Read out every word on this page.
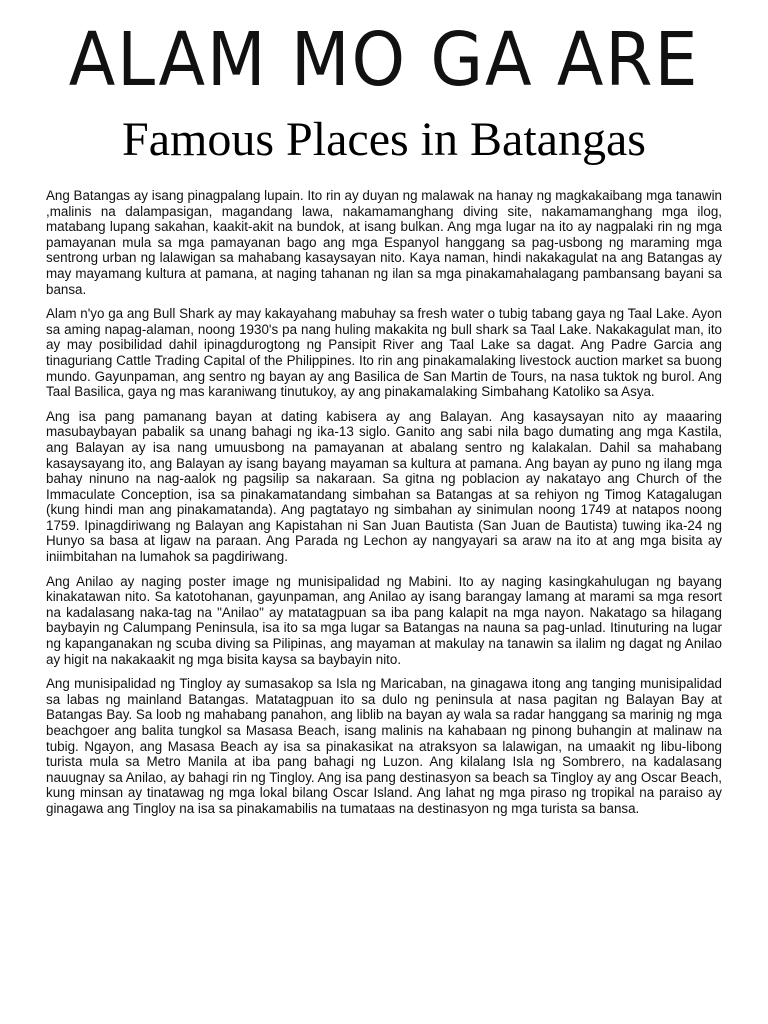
ALAM MO GA ARE
Famous Places in Batangas

Ang Batangas ay isang pinagpalang lupain. Ito rin ay duyan ng malawak na hanay ng magkakaibang mga tanawin ,malinis na dalampasigan, magandang lawa, nakamamanghang diving site, nakamamanghang mga ilog, matabang lupang sakahan, kaakit-akit na bundok, at isang bulkan. Ang mga lugar na ito ay nagpalaki rin ng mga pamayanan mula sa mga pamayanan bago ang mga Espanyol hanggang sa pag-usbong ng maraming mga sentrong urban ng lalawigan sa mahabang kasaysayan nito. Kaya naman, hindi nakakagulat na ang Batangas ay may mayamang kultura at pamana, at naging tahanan ng ilan sa mga pinakamahalagang pambansang bayani sa bansa.

Alam n'yo ga ang Bull Shark ay may kakayahang mabuhay sa fresh water o tubig tabang gaya ng Taal Lake. Ayon sa aming napag-alaman, noong 1930's pa nang huling makakita ng bull shark sa Taal Lake. Nakakagulat man, ito ay may posibilidad dahil ipinagdurogtong ng Pansipit River ang Taal Lake sa dagat. Ang Padre Garcia ang tinaguriang Cattle Trading Capital of the Philippines. Ito rin ang pinakamalaking livestock auction market sa buong mundo. Gayunpaman, ang sentro ng bayan ay ang Basilica de San Martin de Tours, na nasa tuktok ng burol. Ang Taal Basilica, gaya ng mas karaniwang tinutukoy, ay ang pinakamalaking Simbahang Katoliko sa Asya.

Ang isa pang pamanang bayan at dating kabisera ay ang Balayan. Ang kasaysayan nito ay maaaring masubaybayan pabalik sa unang bahagi ng ika-13 siglo. Ganito ang sabi nila bago dumating ang mga Kastila, ang Balayan ay isa nang umuusbong na pamayanan at abalang sentro ng kalakalan. Dahil sa mahabang kasaysayang ito, ang Balayan ay isang bayang mayaman sa kultura at pamana. Ang bayan ay puno ng ilang mga bahay ninuno na nag-aalok ng pagsilip sa nakaraan. Sa gitna ng poblacion ay nakatayo ang Church of the Immaculate Conception, isa sa pinakamatandang simbahan sa Batangas at sa rehiyon ng Timog Katagalugan (kung hindi man ang pinakamatanda). Ang pagtatayo ng simbahan ay sinimulan noong 1749 at natapos noong 1759. Ipinagdiriwang ng Balayan ang Kapistahan ni San Juan Bautista (San Juan de Bautista) tuwing ika-24 ng Hunyo sa basa at ligaw na paraan. Ang Parada ng Lechon ay nangyayari sa araw na ito at ang mga bisita ay iniimbitahan na lumahok sa pagdiriwang.

Ang Anilao ay naging poster image ng munisipalidad ng Mabini. Ito ay naging kasingkahulugan ng bayang kinakatawan nito. Sa katotohanan, gayunpaman, ang Anilao ay isang barangay lamang at marami sa mga resort na kadalasang naka-tag na "Anilao" ay matatagpuan sa iba pang kalapit na mga nayon. Nakatago sa hilagang baybayin ng Calumpang Peninsula, isa ito sa mga lugar sa Batangas na nauna sa pag-unlad. Itinuturing na lugar ng kapanganakan ng scuba diving sa Pilipinas, ang mayaman at makulay na tanawin sa ilalim ng dagat ng Anilao ay higit na nakakaakit ng mga bisita kaysa sa baybayin nito.

Ang munisipalidad ng Tingloy ay sumasakop sa Isla ng Maricaban, na ginagawa itong ang tanging munisipalidad sa labas ng mainland Batangas. Matatagpuan ito sa dulo ng peninsula at nasa pagitan ng Balayan Bay at Batangas Bay. Sa loob ng mahabang panahon, ang liblib na bayan ay wala sa radar hanggang sa marinig ng mga beachgoer ang balita tungkol sa Masasa Beach, isang malinis na kahabaan ng pinong buhangin at malinaw na tubig. Ngayon, ang Masasa Beach ay isa sa pinakasikat na atraksyon sa lalawigan, na umaakit ng libu-libong turista mula sa Metro Manila at iba pang bahagi ng Luzon. Ang kilalang Isla ng Sombrero, na kadalasang nauugnay sa Anilao, ay bahagi rin ng Tingloy. Ang isa pang destinasyon sa beach sa Tingloy ay ang Oscar Beach, kung minsan ay tinatawag ng mga lokal bilang Oscar Island. Ang lahat ng mga piraso ng tropikal na paraiso ay ginagawa ang Tingloy na isa sa pinakamabilis na tumataas na destinasyon ng mga turista sa bansa.
